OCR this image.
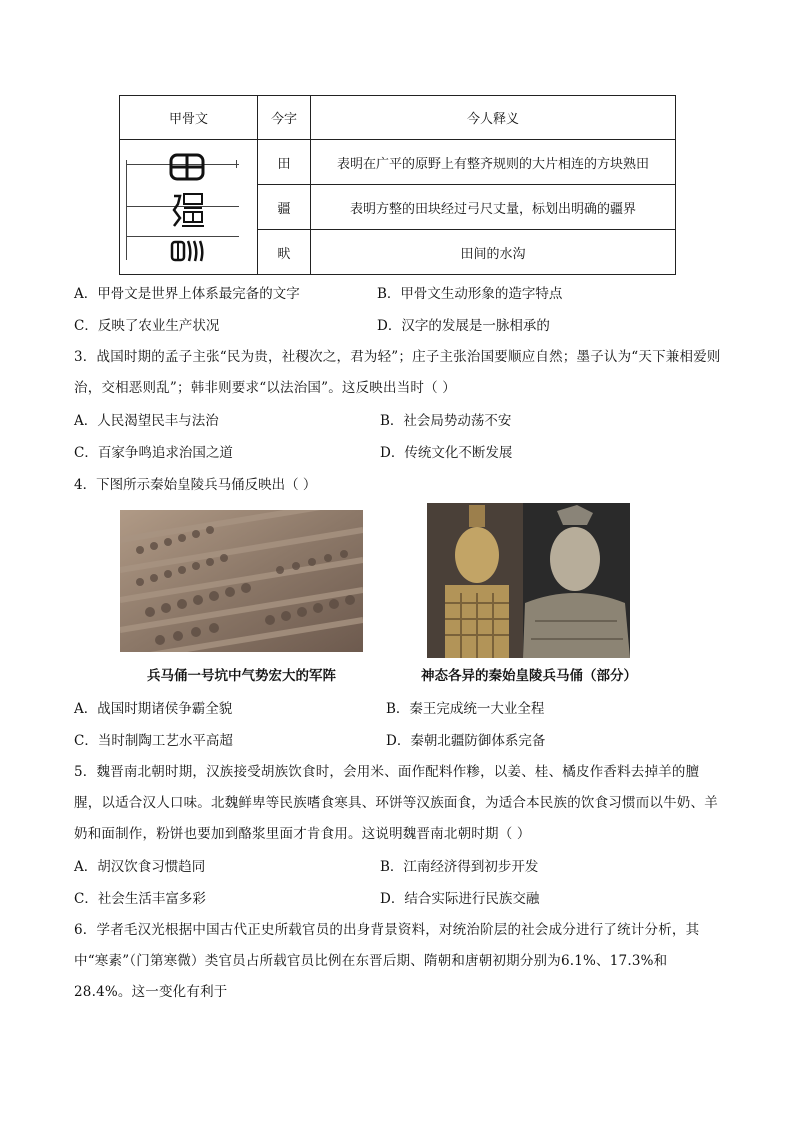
甲骨文	今字	今人释义

	田	表明在广平的原野上有整齐规则的大片相连的方块熟田
	疆	表明方整的田块经过弓尺丈量，标划出明确的疆界
	畎	田间的水沟
A．甲骨文是世界上体系最完备的文字	B．甲骨文生动形象的造字特点
C．反映了农业生产状况	D．汉字的发展是一脉相承的
3．战国时期的孟子主张“民为贵，社稷次之，君为轻”；庄子主张治国要顺应自然；墨子认为“天下兼相爱则治，交相恶则乱”；韩非则要求“以法治国”。这反映出当时（ ）
A．人民渴望民丰与法治	B．社会局势动荡不安
C．百家争鸣追求治国之道	D．传统文化不断发展
4．下图所示秦始皇陵兵马俑反映出（ ）
兵马俑一号坑中气势宏大的军阵	神态各异的秦始皇陵兵马俑（部分）
A．战国时期诸侯争霸全貌	B．秦王完成统一大业全程
C．当时制陶工艺水平高超	D．秦朝北疆防御体系完备
5．魏晋南北朝时期，汉族接受胡族饮食时，会用米、面作配料作糁，以姜、桂、橘皮作香料去掉羊的膻腥，以适合汉人口味。北魏鲜卑等民族嗜食寒具、环饼等汉族面食，为适合本民族的饮食习惯而以牛奶、羊奶和面制作，粉饼也要加到酪浆里面才肯食用。这说明魏晋南北朝时期（ ）
A．胡汉饮食习惯趋同	B．江南经济得到初步开发
C．社会生活丰富多彩	D．结合实际进行民族交融
6．学者毛汉光根据中国古代正史所载官员的出身背景资料，对统治阶层的社会成分进行了统计分析，其中“寒素”（门第寒微）类官员占所载官员比例在东晋后期、隋朝和唐朝初期分别为6.1%、17.3%和28.4%。这一变化有利于
